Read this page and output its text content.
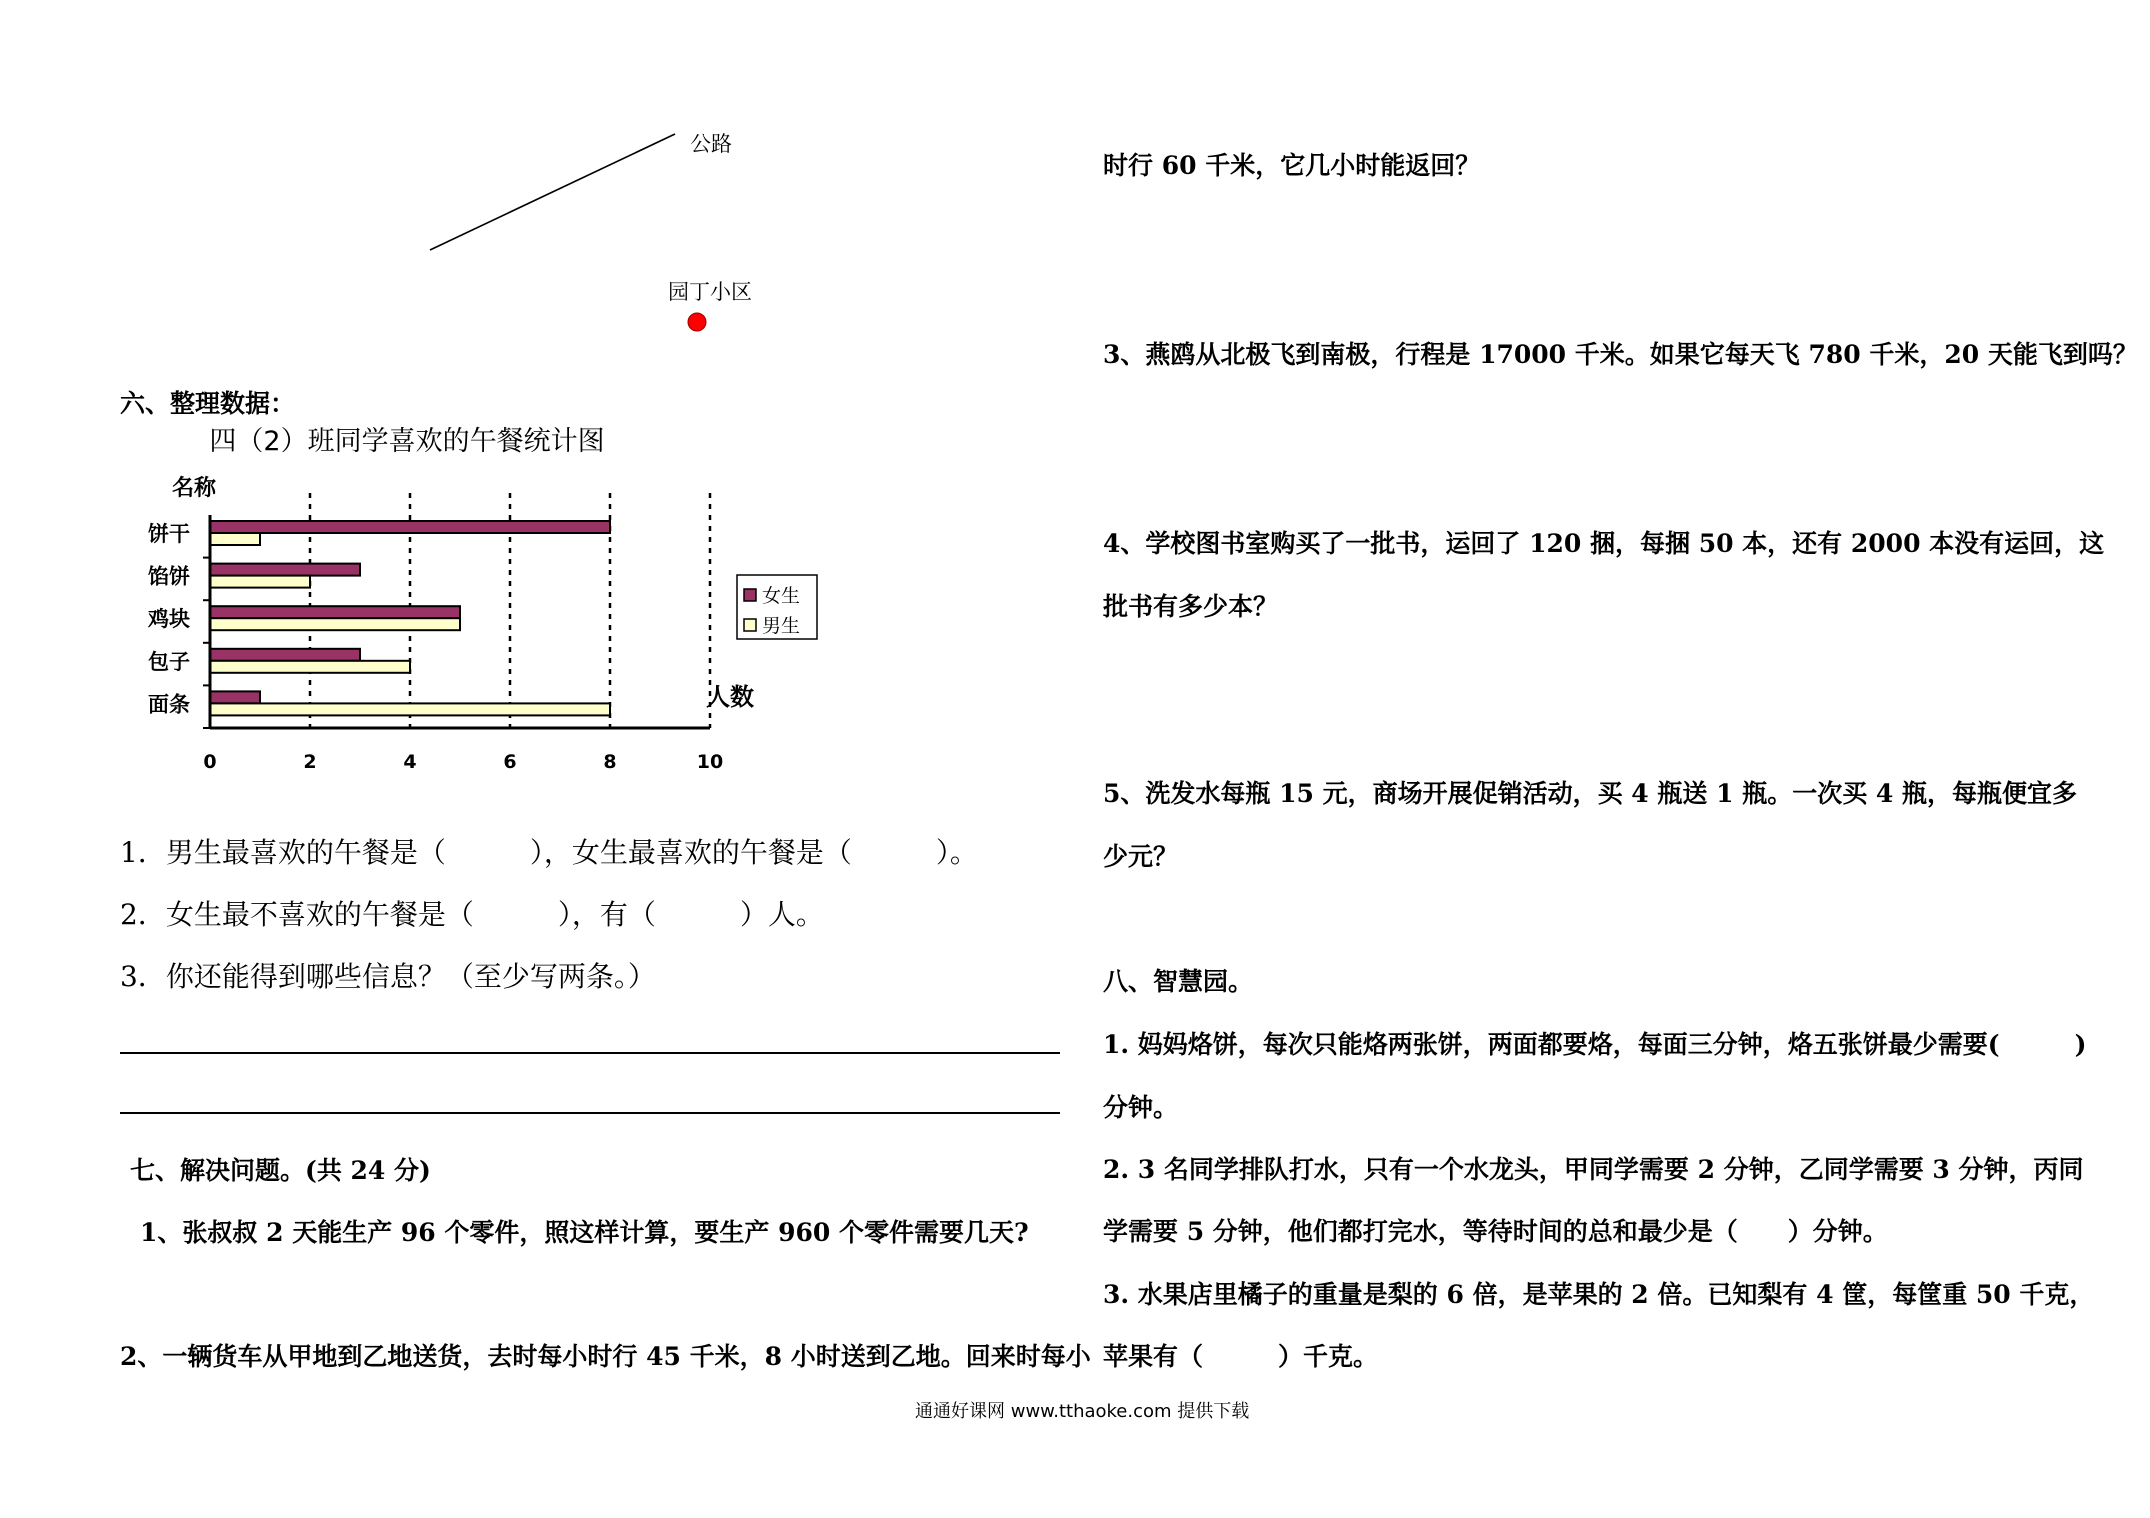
公路
园丁小区
六、整理数据：
四（2）班同学喜欢的午餐统计图
名称
人数
饼干
馅饼
鸡块
包子
面条
0	2	4	6	8	10
女生
男生
1．男生最喜欢的午餐是（　　　），女生最喜欢的午餐是（　　　）。
2．女生最不喜欢的午餐是（　　　），有（　　　）人。
3．你还能得到哪些信息？（至少写两条。）
七、解决问题。(共 24 分)
1、张叔叔 2 天能生产 96 个零件，照这样计算，要生产 960 个零件需要几天?
2、一辆货车从甲地到乙地送货，去时每小时行 45 千米，8 小时送到乙地。回来时每小
时行 60 千米，它几小时能返回？
3、燕鸥从北极飞到南极，行程是 17000 千米。如果它每天飞 780 千米，20 天能飞到吗？
4、学校图书室购买了一批书，运回了 120 捆，每捆 50 本，还有 2000 本没有运回，这
批书有多少本？
5、洗发水每瓶 15 元，商场开展促销活动，买 4 瓶送 1 瓶。一次买 4 瓶，每瓶便宜多
少元？
八、智慧园。
1. 妈妈烙饼，每次只能烙两张饼，两面都要烙，每面三分钟，烙五张饼最少需要(　　　)
分钟。
2. 3 名同学排队打水，只有一个水龙头，甲同学需要 2 分钟，乙同学需要 3 分钟，丙同
学需要 5 分钟，他们都打完水，等待时间的总和最少是（　　）分钟。
3. 水果店里橘子的重量是梨的 6 倍，是苹果的 2 倍。已知梨有 4 筐，每筐重 50 千克，
苹果有（　　　）千克。
通通好课网 www.tthaoke.com 提供下载
